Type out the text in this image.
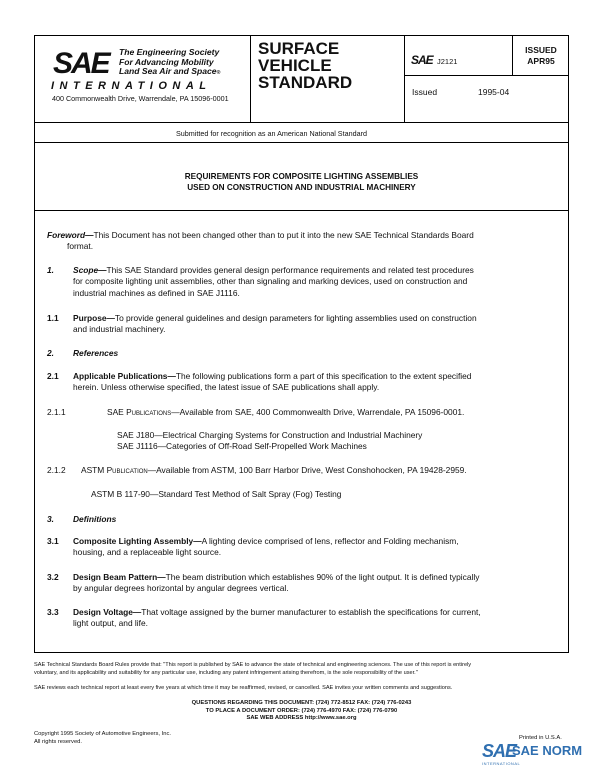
SAE The Engineering Society
For Advancing Mobility
Land Sea Air and Space®
INTERNATIONAL
400 Commonwealth Drive, Warrendale, PA 15096-0001
SURFACE
VEHICLE
STANDARD
SAE J2121
ISSUED
APR95
Issued	1995-04
Submitted for recognition as an American National Standard
REQUIREMENTS FOR COMPOSITE LIGHTING ASSEMBLIES
USED ON CONSTRUCTION AND INDUSTRIAL MACHINERY
Foreword—This Document has not been changed other than to put it into the new SAE Technical Standards Board
format.
1. Scope—This SAE Standard provides general design performance requirements and related test procedures
for composite lighting unit assemblies, other than signaling and marking devices, used on construction and
industrial machines as defined in SAE J1116.
1.1 Purpose—To provide general guidelines and design parameters for lighting assemblies used on construction
and industrial machinery.
2. References
2.1 Applicable Publications—The following publications form a part of this specification to the extent specified
herein. Unless otherwise specified, the latest issue of SAE publications shall apply.
2.1.1	SAE Publications—Available from SAE, 400 Commonwealth Drive, Warrendale, PA 15096-0001.
SAE J180—Electrical Charging Systems for Construction and Industrial Machinery
SAE J1116—Categories of Off-Road Self-Propelled Work Machines
2.1.2 ASTM Publication—Available from ASTM, 100 Barr Harbor Drive, West Conshohocken, PA 19428-2959.
ASTM B 117-90—Standard Test Method of Salt Spray (Fog) Testing
3. Definitions
3.1 Composite Lighting Assembly—A lighting device comprised of lens, reflector and Folding mechanism,
housing, and a replaceable light source.
3.2 Design Beam Pattern—The beam distribution which establishes 90% of the light output. It is defined typically
by angular degrees horizontal by angular degrees vertical.
3.3 Design Voltage—That voltage assigned by the burner manufacturer to establish the specifications for current,
light output, and life.
SAE Technical Standards Board Rules provide that: "This report is published by SAE to advance the state of technical and engineering sciences. The use of this report is entirely
voluntary, and its applicability and suitability for any particular use, including any patent infringement arising therefrom, is the sole responsibility of the user."
SAE reviews each technical report at least every five years at which time it may be reaffirmed, revised, or cancelled. SAE invites your written comments and suggestions.
QUESTIONS REGARDING THIS DOCUMENT: (724) 772-8512 FAX: (724) 776-0243
TO PLACE A DOCUMENT ORDER: (724) 776-4970 FAX: (724) 776-0790
SAE WEB ADDRESS http://www.sae.org
Copyright 1995 Society of Automotive Engineers, Inc.
All rights reserved.
Printed in U.S.A.
SAE
SAE NORM
INTERNATIONAL
